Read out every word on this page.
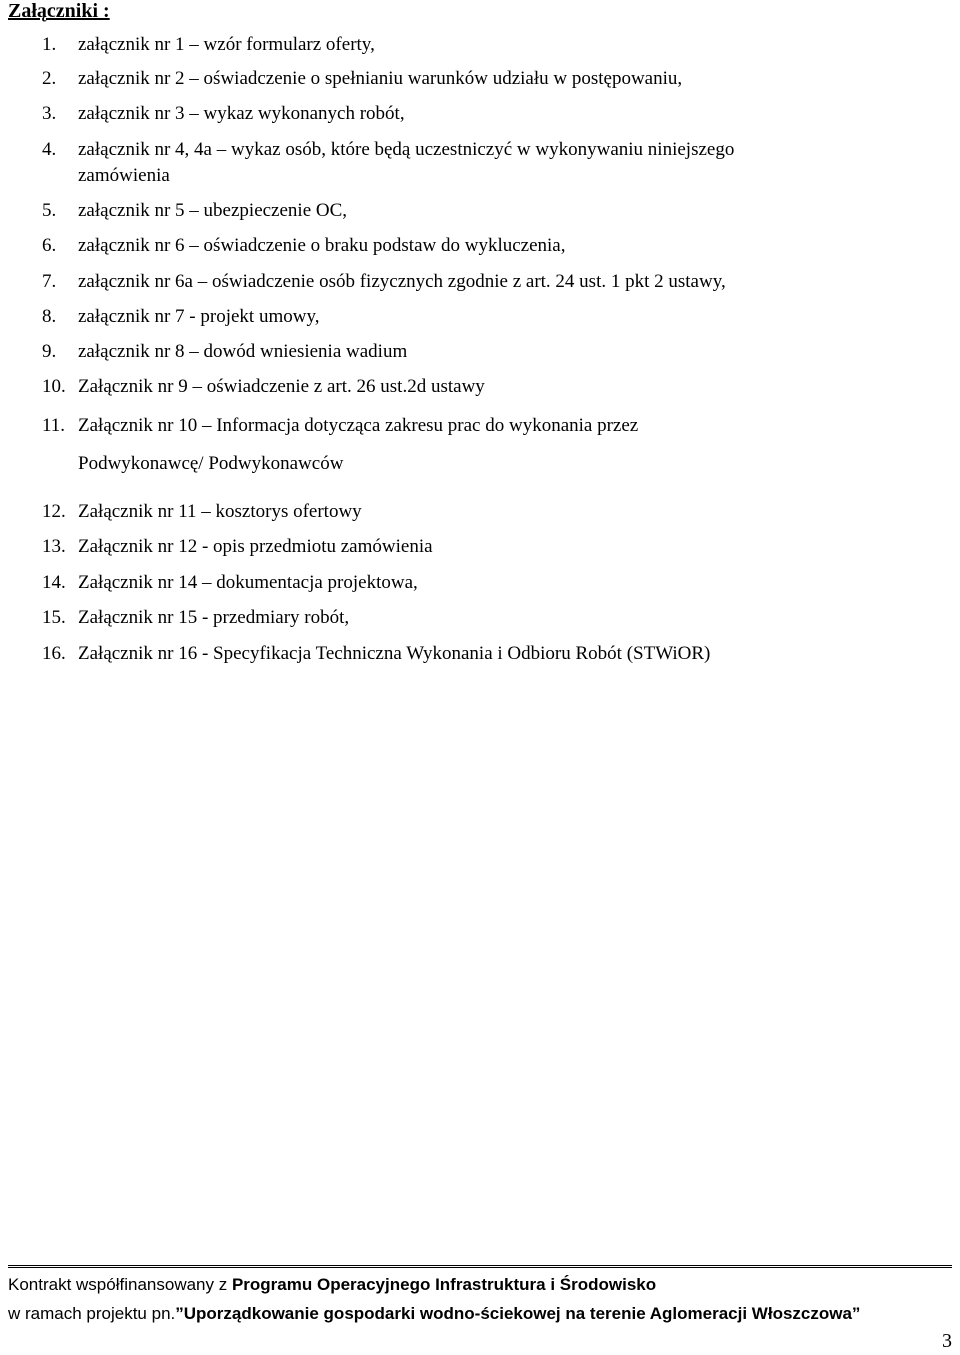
Załączniki :
1. załącznik nr 1 – wzór formularz oferty,
2. załącznik nr 2 – oświadczenie o spełnianiu warunków udziału w postępowaniu,
3. załącznik nr 3 – wykaz wykonanych robót,
4. załącznik nr 4, 4a – wykaz osób, które będą uczestniczyć w wykonywaniu niniejszego
zamówienia
5. załącznik nr 5 – ubezpieczenie OC,
6. załącznik nr 6 – oświadczenie o braku podstaw do wykluczenia,
7. załącznik nr 6a – oświadczenie osób fizycznych zgodnie z art. 24 ust. 1 pkt 2 ustawy,
8. załącznik nr 7 - projekt umowy,
9. załącznik nr 8 – dowód wniesienia wadium
10. Załącznik nr 9 – oświadczenie z art. 26 ust.2d ustawy
11. Załącznik nr 10 – Informacja dotycząca zakresu prac do wykonania przez
Podwykonawcę/ Podwykonawców
12. Załącznik nr 11 – kosztorys ofertowy
13. Załącznik nr 12 - opis przedmiotu zamówienia
14. Załącznik nr 14 – dokumentacja projektowa,
15. Załącznik nr 15 - przedmiary robót,
16. Załącznik nr 16 - Specyfikacja Techniczna Wykonania i Odbioru Robót (STWiOR)
Kontrakt współfinansowany z Programu Operacyjnego Infrastruktura i Środowisko
w ramach projektu pn.”Uporządkowanie gospodarki wodno-ściekowej na terenie Aglomeracji Włoszczowa”
3
